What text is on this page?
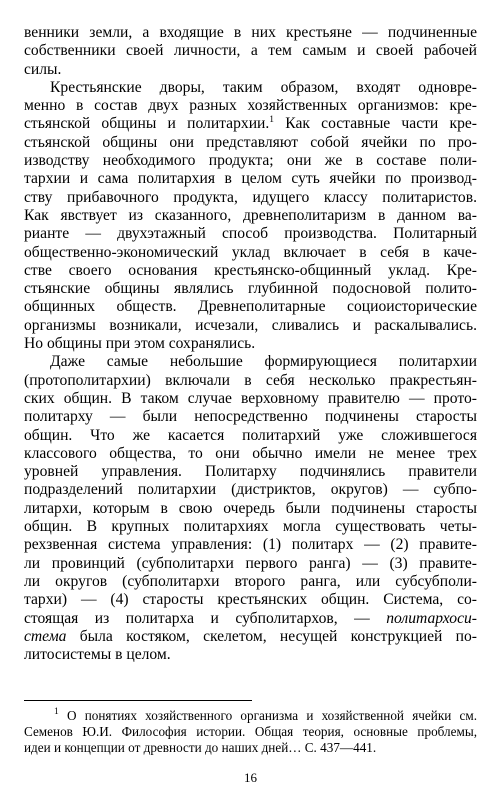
венники земли, а входящие в них крестьяне — подчиненные
собственники своей личности, а тем самым и своей рабочей
силы.
Крестьянские дворы, таким образом, входят одновре-
менно в состав двух разных хозяйственных организмов: кре-
стьянской общины и политархии.$^1$ Как составные части кре-
стьянской общины они представляют собой ячейки по про-
изводству необходимого продукта; они же в составе поли-
тархии и сама политархия в целом суть ячейки по производ-
ству прибавочного продукта, идущего классу политаристов.
Как явствует из сказанного, древнеполитаризм в данном ва-
рианте — двухэтажный способ производства. Политарный
общественно-экономический уклад включает в себя в каче-
стве своего основания крестьянско-общинный уклад. Кре-
стьянские общины являлись глубинной подосновой полито-
общинных обществ. Древнеполитарные социоисторические
организмы возникали, исчезали, сливались и раскалывались.
Но общины при этом сохранялись.
Даже самые небольшие формирующиеся политархии
(протополитархии) включали в себя несколько пракрестьян-
ских общин. В таком случае верховному правителю — прото-
политарху — были непосредственно подчинены старосты
общин. Что же касается политархий уже сложившегося
классового общества, то они обычно имели не менее трех
уровней управления. Политарху подчинялись правители
подразделений политархии (дистриктов, округов) — субпо-
литархи, которым в свою очередь были подчинены старосты
общин. В крупных политархиях могла существовать четы-
рехзвенная система управления: (1) политарх — (2) правите-
ли провинций (субполитархи первого ранга) — (3) правите-
ли округов (субполитархи второго ранга, или субсубполи-
тархи) — (4) старосты крестьянских общин. Система, со-
стоящая из политарха и субполитархов, — политархоси-
стема была костяком, скелетом, несущей конструкцией по-
литосистемы в целом.
$^1$ О понятиях хозяйственного организма и хозяйственной ячейки см.
Семенов Ю.И. Философия истории. Общая теория, основные проблемы,
идеи и концепции от древности до наших дней… С. 437—441.
16
